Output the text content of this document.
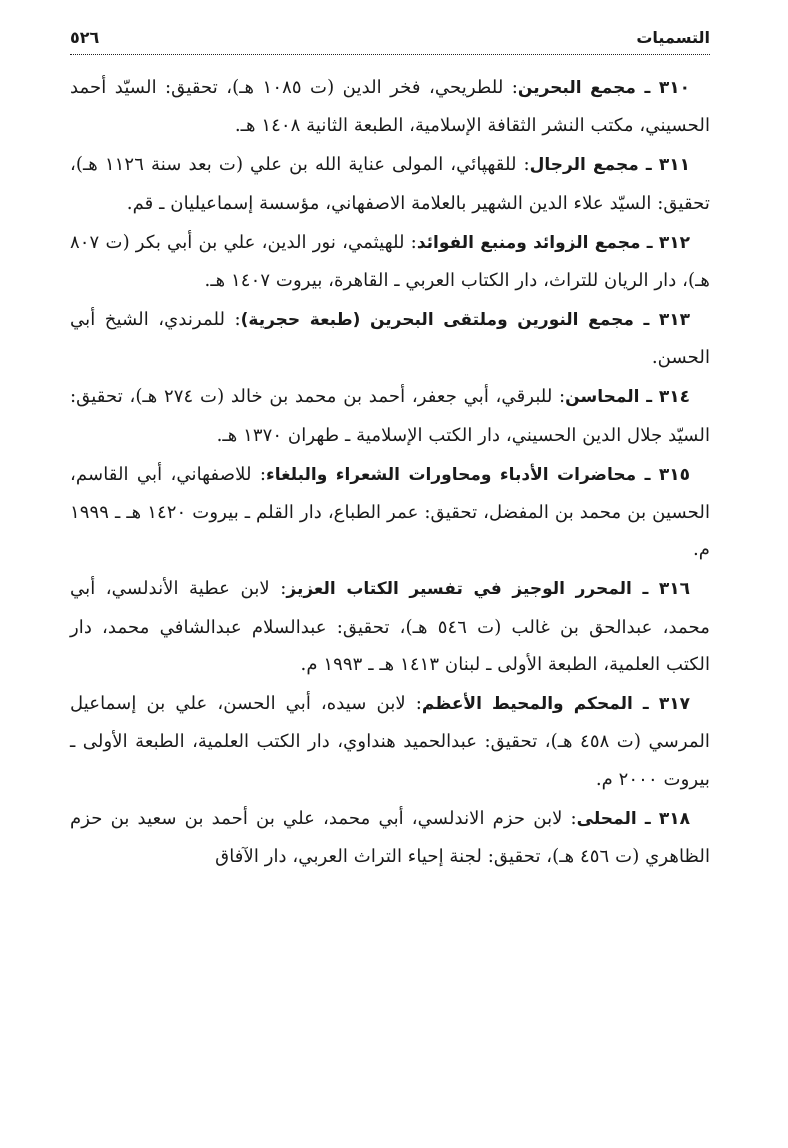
التسميات
٥٢٦

٣١٠ ـ مجمع البحرين: للطريحي، فخر الدين (ت ١٠٨٥ هـ)، تحقيق: السيّد أحمد الحسيني، مكتب النشر الثقافة الإسلامية، الطبعة الثانية ١٤٠٨ هـ.

٣١١ ـ مجمع الرجال: للقهپائي، المولى عناية الله بن علي (ت بعد سنة ١١٢٦ هـ)، تحقيق: السيّد علاء الدين الشهير بالعلامة الاصفهاني، مؤسسة إسماعيليان ـ قم.

٣١٢ ـ مجمع الزوائد ومنبع الفوائد: للهيثمي، نور الدين، علي بن أبي بكر (ت ٨٠٧ هـ)، دار الريان للتراث، دار الكتاب العربي ـ القاهرة، بيروت ١٤٠٧ هـ.

٣١٣ ـ مجمع النورين وملتقى البحرين (طبعة حجرية): للمرندي، الشيخ أبي الحسن.

٣١٤ ـ المحاسن: للبرقي، أبي جعفر، أحمد بن محمد بن خالد (ت ٢٧٤ هـ)، تحقيق: السيّد جلال الدين الحسيني، دار الكتب الإسلامية ـ طهران ١٣٧٠ هـ.

٣١٥ ـ محاضرات الأدباء ومحاورات الشعراء والبلغاء: للاصفهاني، أبي القاسم، الحسين بن محمد بن المفضل، تحقيق: عمر الطباع، دار القلم ـ بيروت ١٤٢٠ هـ ـ ١٩٩٩ م.

٣١٦ ـ المحرر الوجيز في تفسير الكتاب العزيز: لابن عطية الأندلسي، أبي محمد، عبدالحق بن غالب (ت ٥٤٦ هـ)، تحقيق: عبدالسلام عبدالشافي محمد، دار الكتب العلمية، الطبعة الأولى ـ لبنان ١٤١٣ هـ ـ ١٩٩٣ م.

٣١٧ ـ المحكم والمحيط الأعظم: لابن سيده، أبي الحسن، علي بن إسماعيل المرسي (ت ٤٥٨ هـ)، تحقيق: عبدالحميد هنداوي، دار الكتب العلمية، الطبعة الأولى ـ بيروت ٢٠٠٠ م.

٣١٨ ـ المحلى: لابن حزم الاندلسي، أبي محمد، علي بن أحمد بن سعيد بن حزم الظاهري (ت ٤٥٦ هـ)، تحقيق: لجنة إحياء التراث العربي، دار الآفاق
